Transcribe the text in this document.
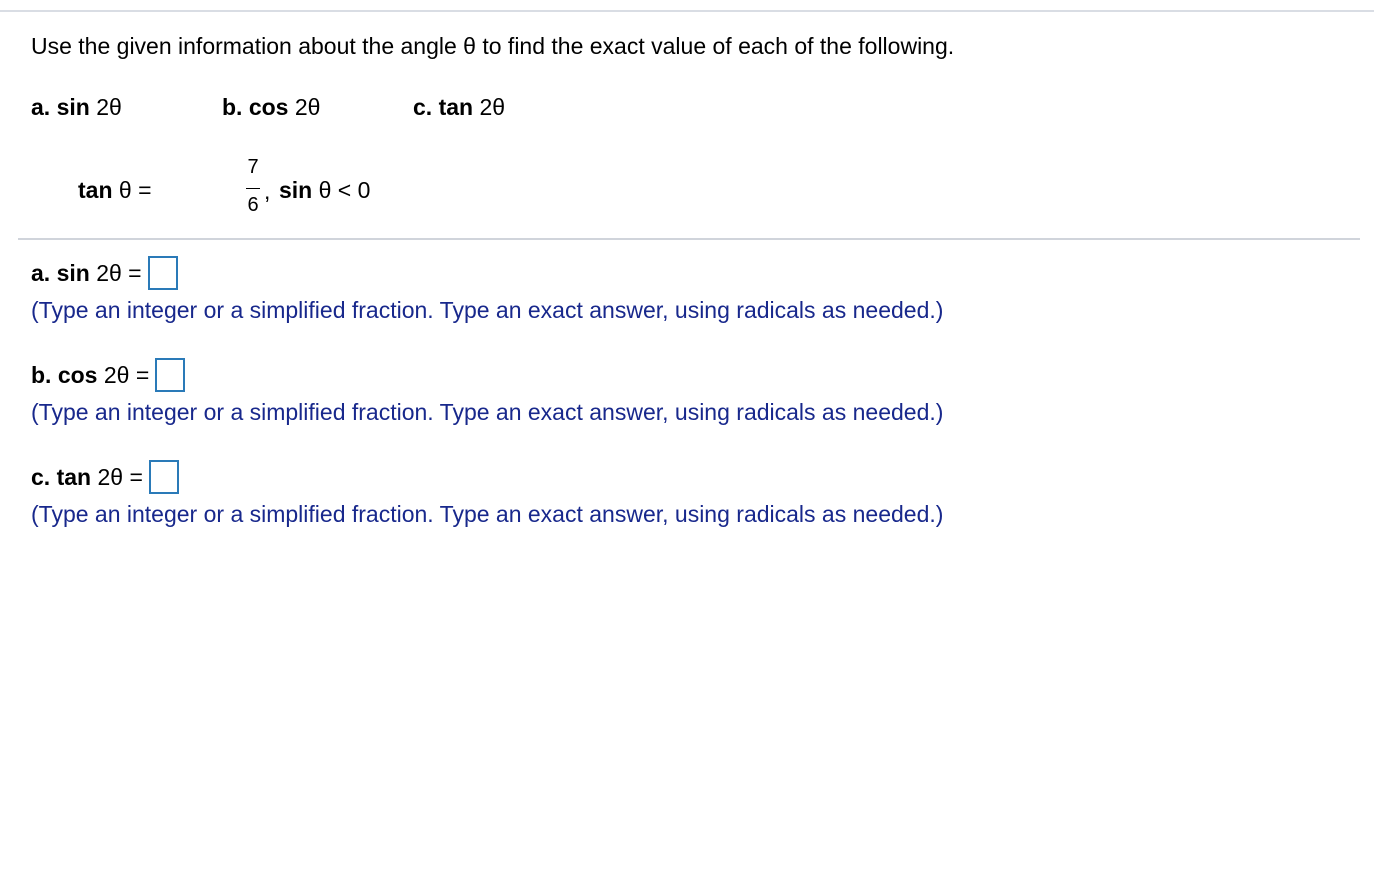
Use the given information about the angle θ to find the exact value of each of the following.
a. sin 2θ	b. cos 2θ	c. tan 2θ
tan θ =
7
6
, sin θ < 0
a.
sin
2θ =
(Type an integer or a simplified fraction. Type an exact answer, using radicals as needed.)
b.
cos
2θ =
(Type an integer or a simplified fraction. Type an exact answer, using radicals as needed.)
c.
tan
2θ =
(Type an integer or a simplified fraction. Type an exact answer, using radicals as needed.)
